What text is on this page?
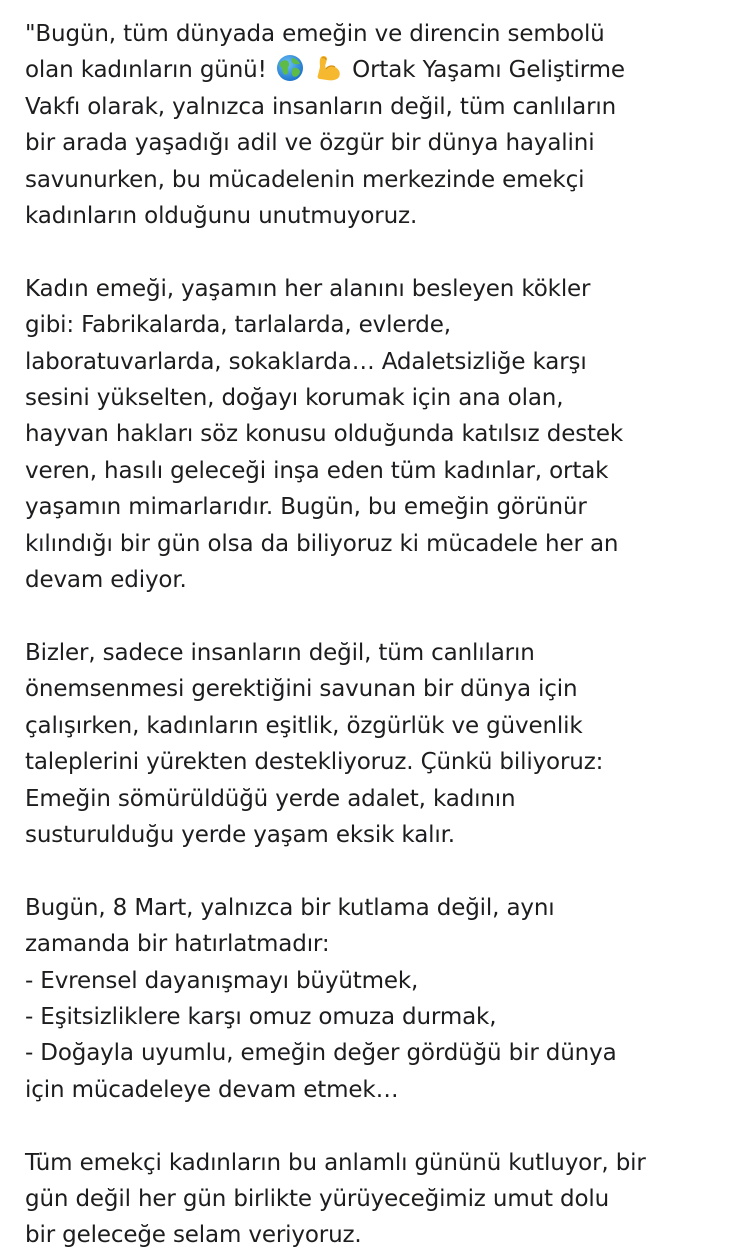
"Bugün, tüm dünyada emeğin ve direncin sembolü
olan kadınların günü!	Ortak Yaşamı Geliştirme
Vakfı olarak, yalnızca insanların değil, tüm canlıların
bir arada yaşadığı adil ve özgür bir dünya hayalini
savunurken, bu mücadelenin merkezinde emekçi
kadınların olduğunu unutmuyoruz.

Kadın emeği, yaşamın her alanını besleyen kökler
gibi: Fabrikalarda, tarlalarda, evlerde,
laboratuvarlarda, sokaklarda… Adaletsizliğe karşı
sesini yükselten, doğayı korumak için ana olan,
hayvan hakları söz konusu olduğunda katılsız destek
veren, hasılı geleceği inşa eden tüm kadınlar, ortak
yaşamın mimarlarıdır. Bugün, bu emeğin görünür
kılındığı bir gün olsa da biliyoruz ki mücadele her an
devam ediyor.

Bizler, sadece insanların değil, tüm canlıların
önemsenmesi gerektiğini savunan bir dünya için
çalışırken, kadınların eşitlik, özgürlük ve güvenlik
taleplerini yürekten destekliyoruz. Çünkü biliyoruz:
Emeğin sömürüldüğü yerde adalet, kadının
susturulduğu yerde yaşam eksik kalır.

Bugün, 8 Mart, yalnızca bir kutlama değil, aynı
zamanda bir hatırlatmadır:
- Evrensel dayanışmayı büyütmek,
- Eşitsizliklere karşı omuz omuza durmak,
- Doğayla uyumlu, emeğin değer gördüğü bir dünya
için mücadeleye devam etmek…

Tüm emekçi kadınların bu anlamlı gününü kutluyor, bir
gün değil her gün birlikte yürüyeceğimiz umut dolu
bir geleceğe selam veriyoruz.
